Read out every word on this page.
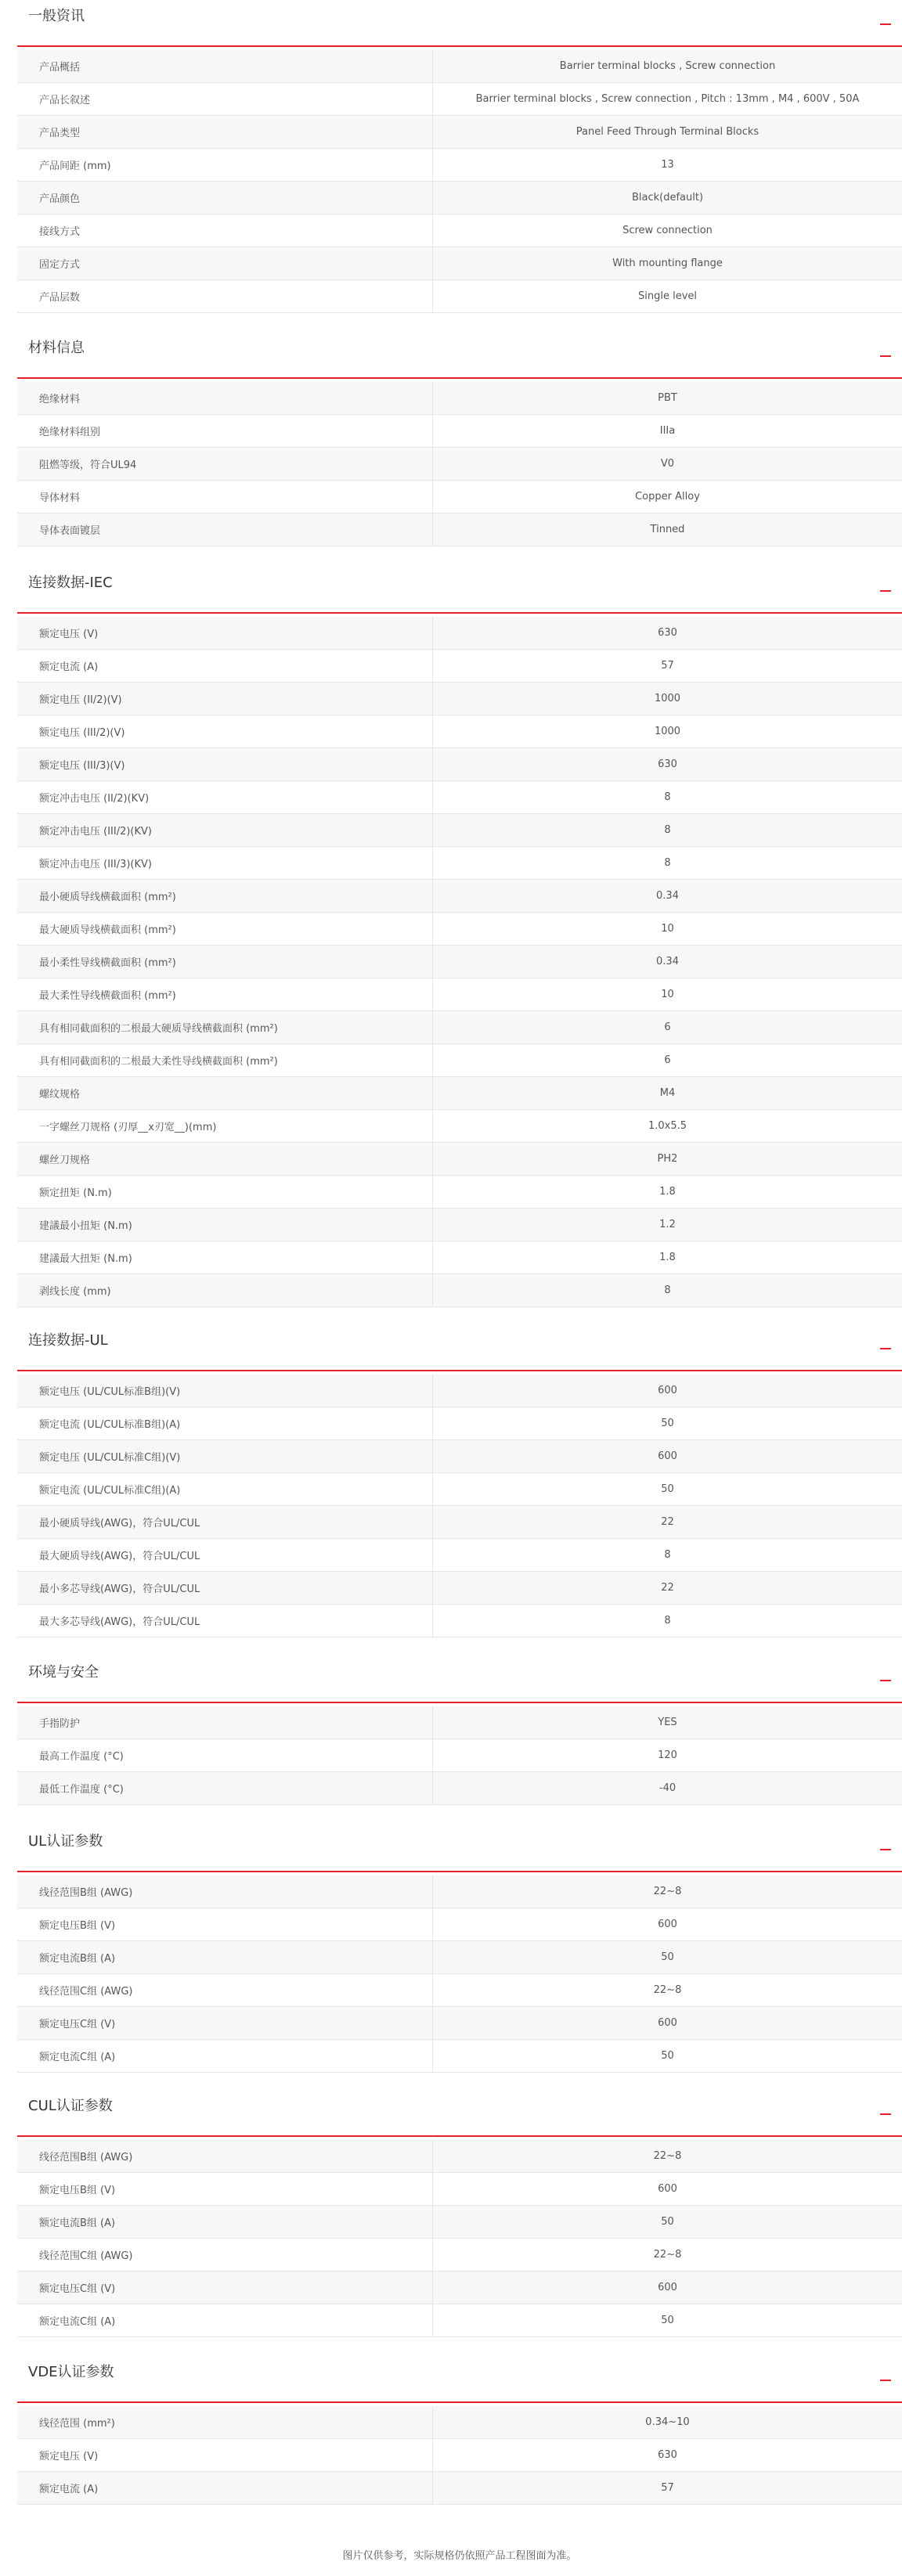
一般资讯
产品概括	Barrier terminal blocks , Screw connection
产品长叙述	Barrier terminal blocks , Screw connection , Pitch : 13mm , M4 , 600V , 50A
产品类型	Panel Feed Through Terminal Blocks
产品间距 (mm)	13
产品颜色	Black(default)
接线方式	Screw connection
固定方式	With mounting flange
产品层数	Single level
材料信息
绝缘材料	PBT
绝缘材料组别	IIIa
阻燃等级，符合UL94	V0
导体材料	Copper Alloy
导体表面镀层	Tinned
连接数据-IEC
额定电压 (V)	630
额定电流 (A)	57
额定电压 (II/2)(V)	1000
额定电压 (III/2)(V)	1000
额定电压 (III/3)(V)	630
额定冲击电压 (II/2)(KV)	8
额定冲击电压 (III/2)(KV)	8
额定冲击电压 (III/3)(KV)	8
最小硬质导线横截面积 (mm²)	0.34
最大硬质导线横截面积 (mm²)	10
最小柔性导线横截面积 (mm²)	0.34
最大柔性导线横截面积 (mm²)	10
具有相同截面积的二根最大硬质导线横截面积 (mm²)	6
具有相同截面积的二根最大柔性导线横截面积 (mm²)	6
螺纹规格	M4
一字螺丝刀规格 (刃厚__x刃宽__)(mm)	1.0x5.5
螺丝刀规格	PH2
额定扭矩 (N.m)	1.8
建議最小扭矩 (N.m)	1.2
建議最大扭矩 (N.m)	1.8
剥线长度 (mm)	8
连接数据-UL
额定电压 (UL/CUL标准B组)(V)	600
额定电流 (UL/CUL标准B组)(A)	50
额定电压 (UL/CUL标准C组)(V)	600
额定电流 (UL/CUL标准C组)(A)	50
最小硬质导线(AWG)，符合UL/CUL	22
最大硬质导线(AWG)，符合UL/CUL	8
最小多芯导线(AWG)，符合UL/CUL	22
最大多芯导线(AWG)，符合UL/CUL	8
环境与安全
手指防护	YES
最高工作温度 (°C)	120
最低工作温度 (°C)	-40
UL认证参数
线径范围B组 (AWG)	22~8
额定电压B组 (V)	600
额定电流B组 (A)	50
线径范围C组 (AWG)	22~8
额定电压C组 (V)	600
额定电流C组 (A)	50
CUL认证参数
线径范围B组 (AWG)	22~8
额定电压B组 (V)	600
额定电流B组 (A)	50
线径范围C组 (AWG)	22~8
额定电压C组 (V)	600
额定电流C组 (A)	50
VDE认证参数
线径范围 (mm²)	0.34~10
额定电压 (V)	630
额定电流 (A)	57
图片仅供参考，实际规格仍依照产品工程图面为准。
